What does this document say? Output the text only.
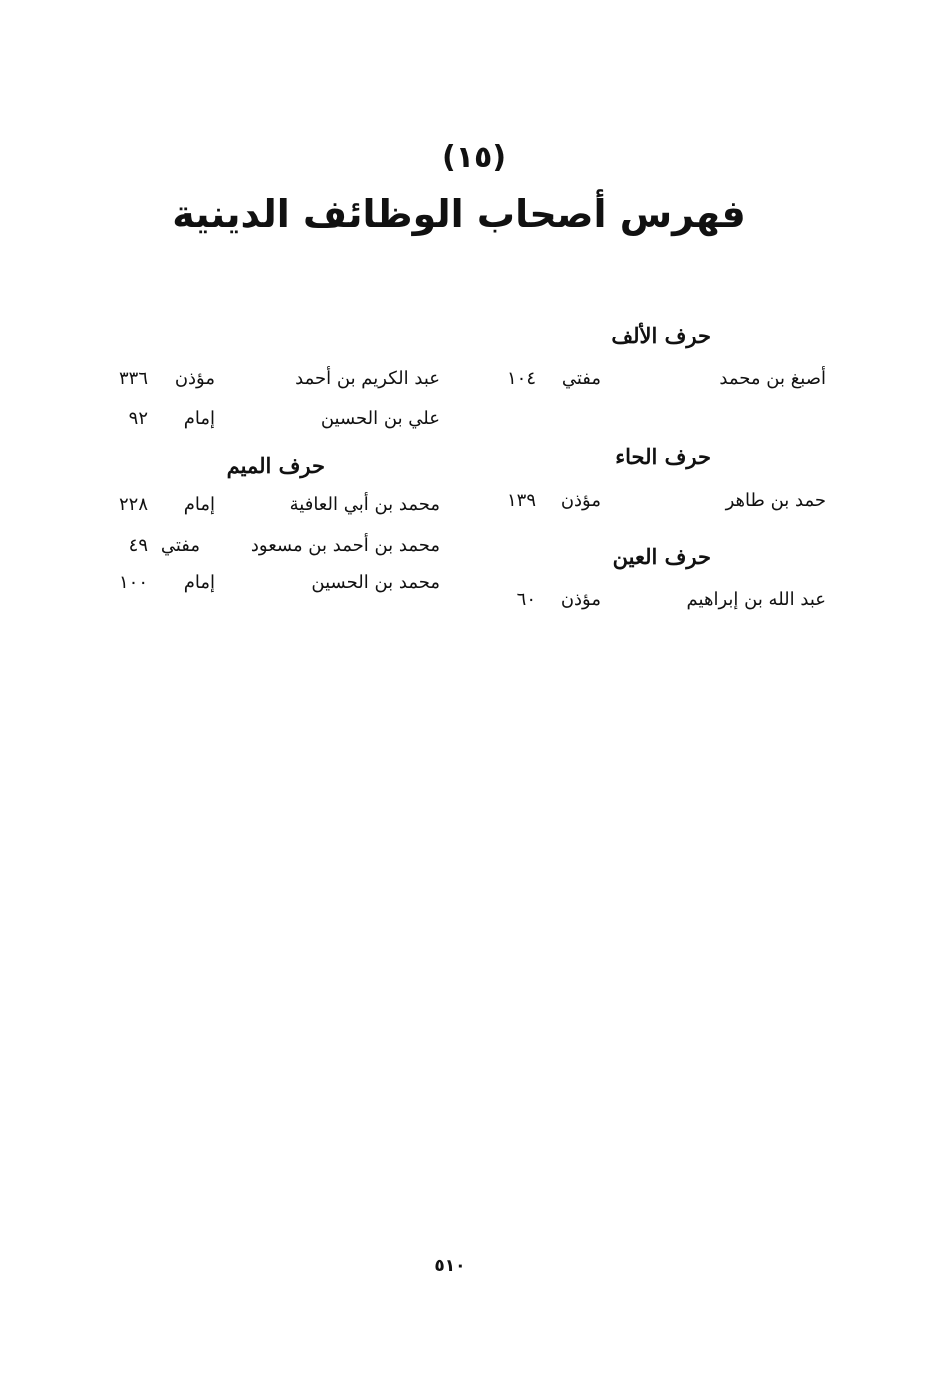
(١٥)
فهرس أصحاب الوظائف الدينية
حرف الألف
أصبغ بن محمد
مفتي
١٠٤
حرف الحاء
حمد بن طاهر
مؤذن
١٣٩
حرف العين
عبد الله بن إبراهيم
مؤذن
٦٠
عبد الكريم بن أحمد
مؤذن
٣٣٦
علي بن الحسين
إمام
٩٢
حرف الميم
محمد بن أبي العافية
إمام
٢٢٨
محمد بن أحمد بن مسعود
مفتي
٤٩
محمد بن الحسين
إمام
١٠٠
٥١٠
